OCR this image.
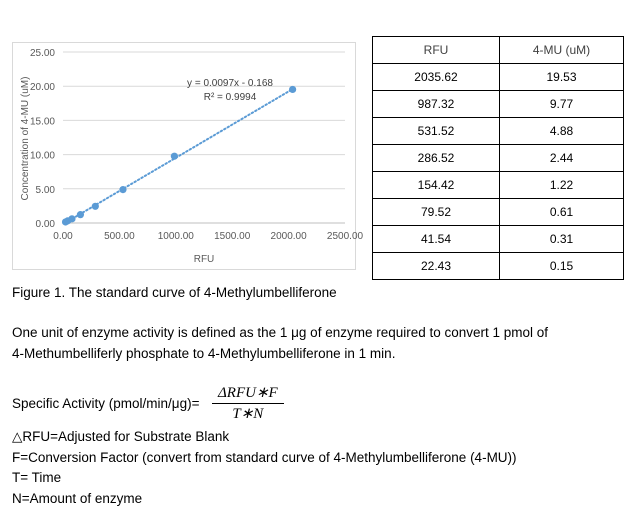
0.00
5.00
10.00
15.00
20.00
25.00
0.00	500.00 1000.00 1500.00 2000.00 2500.00
RFU
Concentration of 4-MU (uM)	y = 0.0097x - 0.168
R² = 0.9994
RFU	4-MU (uM)
2035.62	19.53
987.32	9.77
531.52	4.88
286.52	2.44
154.42	1.22
79.52	0.61
41.54	0.31
22.43	0.15
Figure 1. The standard curve of 4-Methylumbelliferone
One unit of enzyme activity is defined as the 1 μg of enzyme required to convert 1 pmol of
4-Methumbelliferly phosphate to 4-Methylumbelliferone in 1 min.
Specific Activity (pmol/min/μg)=
ΔRFU∗F
T∗N
△RFU=Adjusted for Substrate Blank
F=Conversion Factor (convert from standard curve of 4-Methylumbelliferone (4-MU))
T= Time
N=Amount of enzyme
